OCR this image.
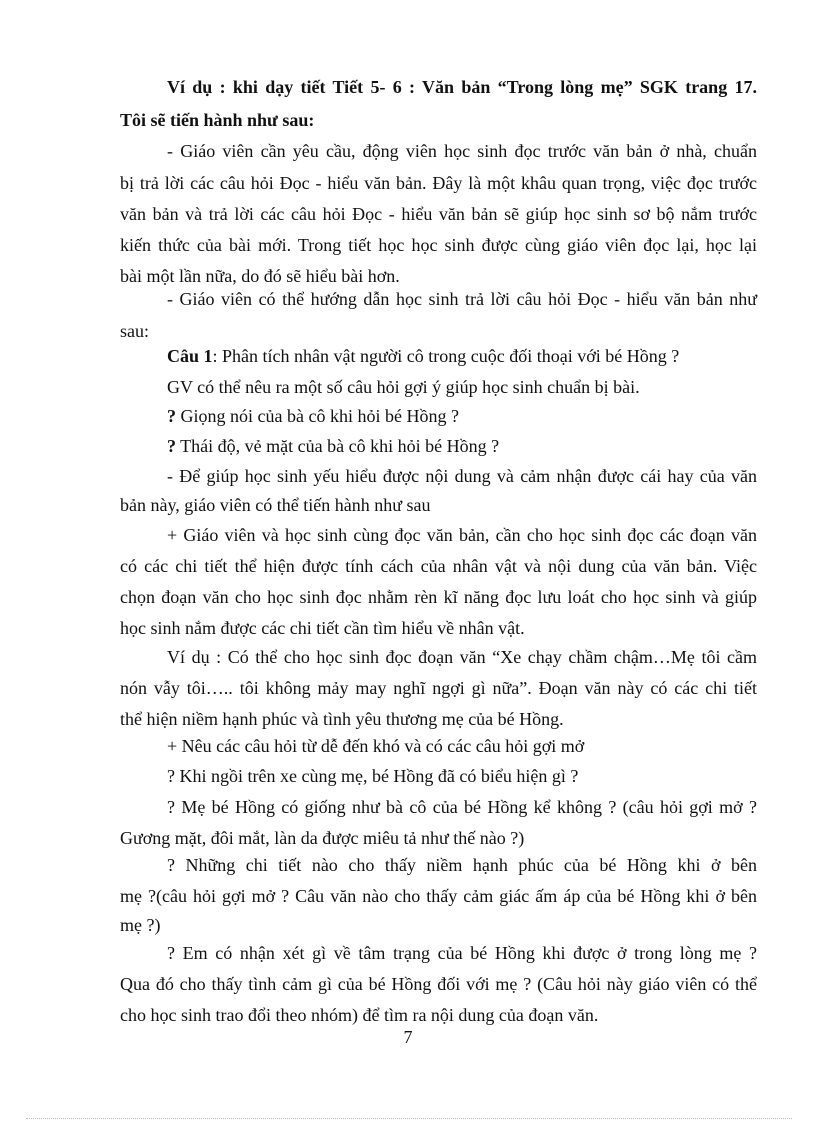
Ví dụ : khi dạy tiết Tiết 5- 6 : Văn bản “Trong lòng mẹ” SGK trang 17.
Tôi sẽ tiến hành như sau:
- Giáo viên cần yêu cầu, động viên học sinh đọc trước văn bản ở nhà, chuẩn
bị trả lời các câu hỏi Đọc - hiểu văn bản. Đây là một khâu quan trọng, việc đọc trước
văn bản và trả lời các câu hỏi Đọc - hiểu văn bản sẽ giúp học sinh sơ bộ nắm trước
kiến thức của bài mới. Trong tiết học học sinh được cùng giáo viên đọc lại, học lại
bài một lần nữa, do đó sẽ hiểu bài hơn.
- Giáo viên có thể hướng dẫn học sinh trả lời câu hỏi Đọc - hiểu văn bản như
sau:
Câu 1: Phân tích nhân vật người cô trong cuộc đối thoại với bé Hồng ?
GV có thể nêu ra một số câu hỏi gợi ý giúp học sinh chuẩn bị bài.
? Giọng nói của bà cô khi hỏi bé Hồng ?
? Thái độ, vẻ mặt của bà cô khi hỏi bé Hồng ?
- Để giúp học sinh yếu hiểu được nội dung và cảm nhận được cái hay của văn
bản này, giáo viên có thể tiến hành như sau
+ Giáo viên và học sinh cùng đọc văn bản, cần cho học sinh đọc các đoạn văn
có các chi tiết thể hiện được tính cách của nhân vật và nội dung của văn bản. Việc
chọn đoạn văn cho học sinh đọc nhằm rèn kĩ năng đọc lưu loát cho học sinh và giúp
học sinh nắm được các chi tiết cần tìm hiểu về nhân vật.
Ví dụ : Có thể cho học sinh đọc đoạn văn “Xe chạy chầm chậm…Mẹ tôi cầm
nón vẫy tôi….. tôi không mảy may nghĩ ngợi gì nữa”. Đoạn văn này có các chi tiết
thể hiện niềm hạnh phúc và tình yêu thương mẹ của bé Hồng.
+ Nêu các câu hỏi từ dễ đến khó và có các câu hỏi gợi mở
? Khi ngồi trên xe cùng mẹ, bé Hồng đã có biểu hiện gì ?
? Mẹ bé Hồng có giống như bà cô của bé Hồng kể không ? (câu hỏi gợi mở ?
Gương mặt, đôi mắt, làn da được miêu tả như thế nào ?)
? Những chi tiết nào cho thấy niềm hạnh phúc của bé Hồng khi ở bên
mẹ ?(câu hỏi gợi mở ? Câu văn nào cho thấy cảm giác ấm áp của bé Hồng khi ở bên
mẹ ?)
? Em có nhận xét gì về tâm trạng của bé Hồng khi được ở trong lòng mẹ ?
Qua đó cho thấy tình cảm gì của bé Hồng đối với mẹ ? (Câu hỏi này giáo viên có thể
cho học sinh trao đổi theo nhóm) để tìm ra nội dung của đoạn văn.
7
